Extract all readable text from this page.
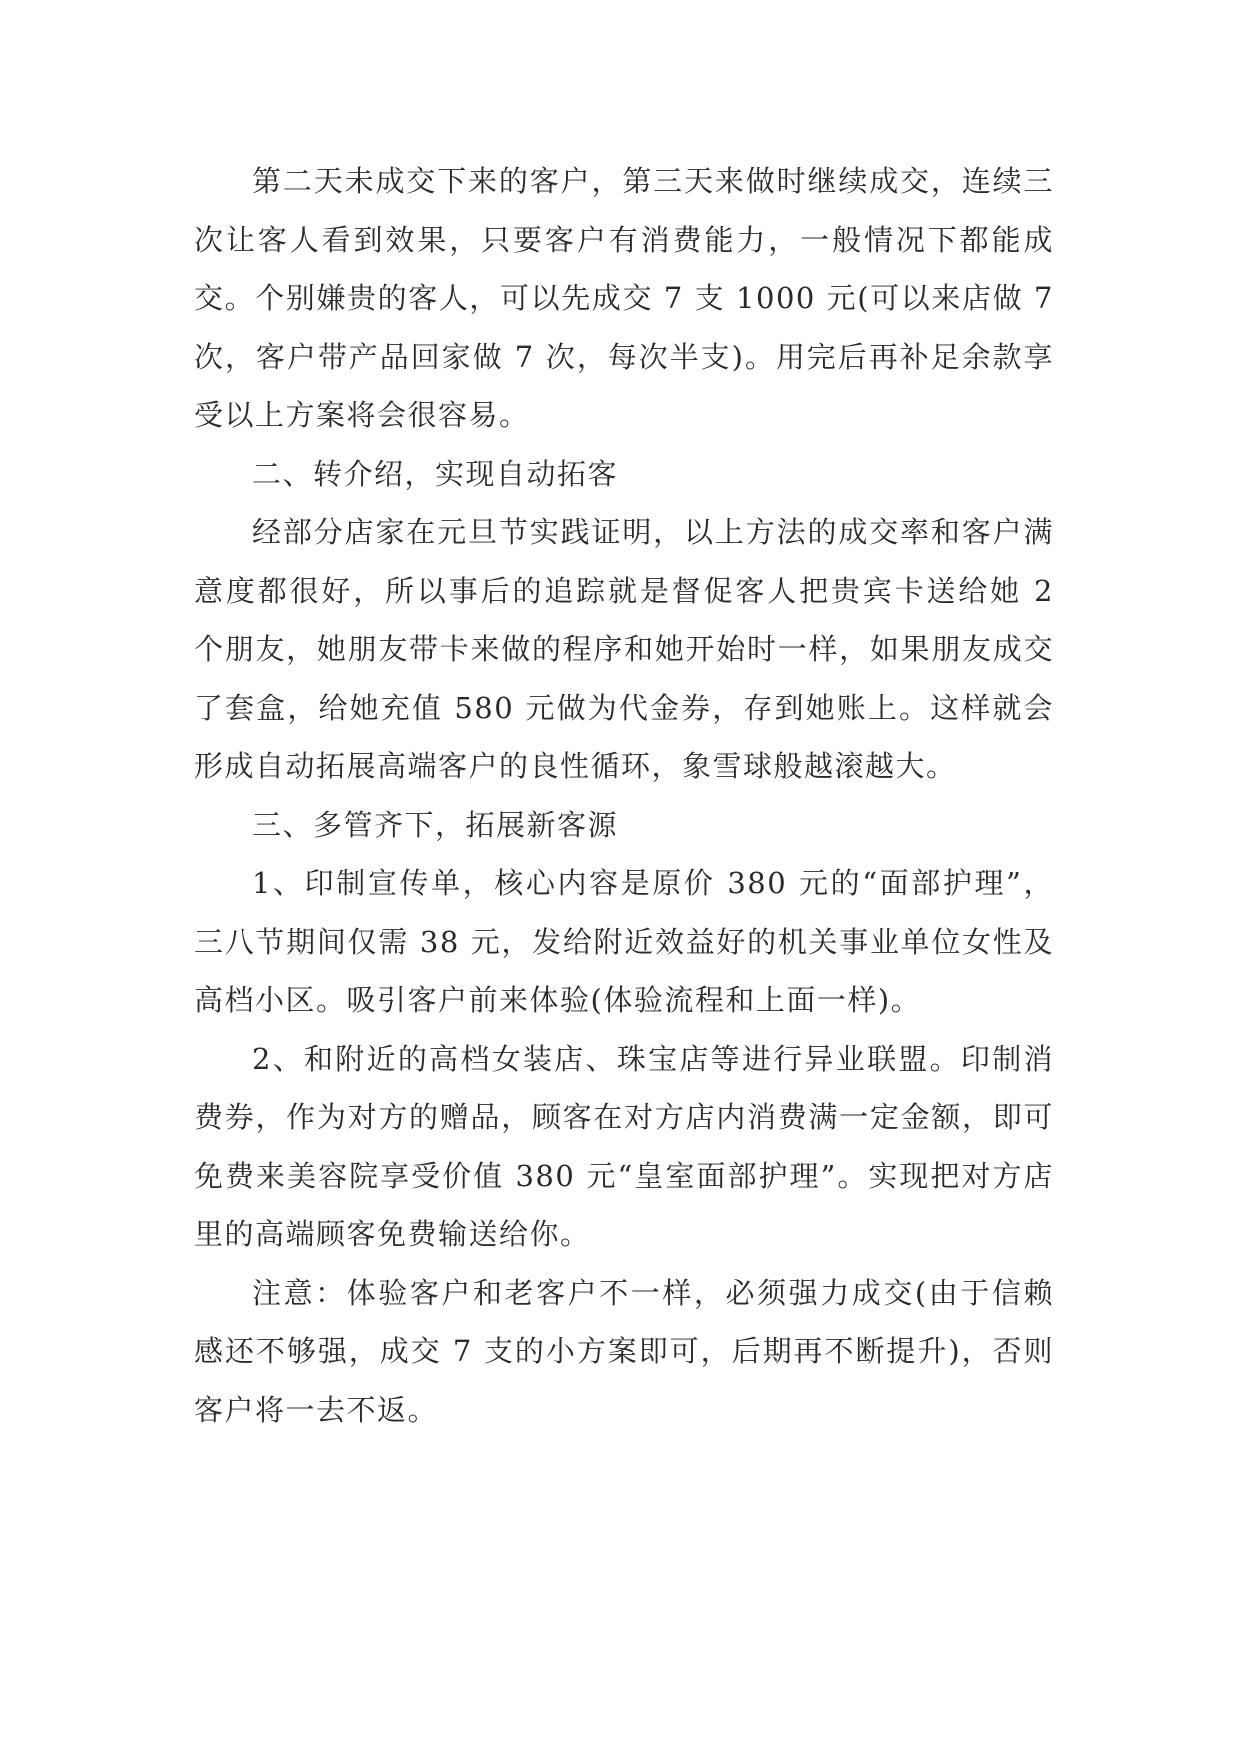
第二天未成交下来的客户，第三天来做时继续成交，连续三次让客人看到效果，只要客户有消费能力，一般情况下都能成交。个别嫌贵的客人，可以先成交 7 支 1000 元(可以来店做 7 次，客户带产品回家做 7 次，每次半支)。用完后再补足余款享受以上方案将会很容易。

二、转介绍，实现自动拓客

经部分店家在元旦节实践证明，以上方法的成交率和客户满意度都很好，所以事后的追踪就是督促客人把贵宾卡送给她 2 个朋友，她朋友带卡来做的程序和她开始时一样，如果朋友成交了套盒，给她充值 580 元做为代金券，存到她账上。这样就会形成自动拓展高端客户的良性循环，象雪球般越滚越大。

三、多管齐下，拓展新客源

1、印制宣传单，核心内容是原价 380 元的“面部护理”，三八节期间仅需 38 元，发给附近效益好的机关事业单位女性及高档小区。吸引客户前来体验(体验流程和上面一样)。

2、和附近的高档女装店、珠宝店等进行异业联盟。印制消费券，作为对方的赠品，顾客在对方店内消费满一定金额，即可免费来美容院享受价值 380 元“皇室面部护理”。实现把对方店里的高端顾客免费输送给你。

注意：体验客户和老客户不一样，必须强力成交(由于信赖感还不够强，成交 7 支的小方案即可，后期再不断提升)，否则客户将一去不返。
